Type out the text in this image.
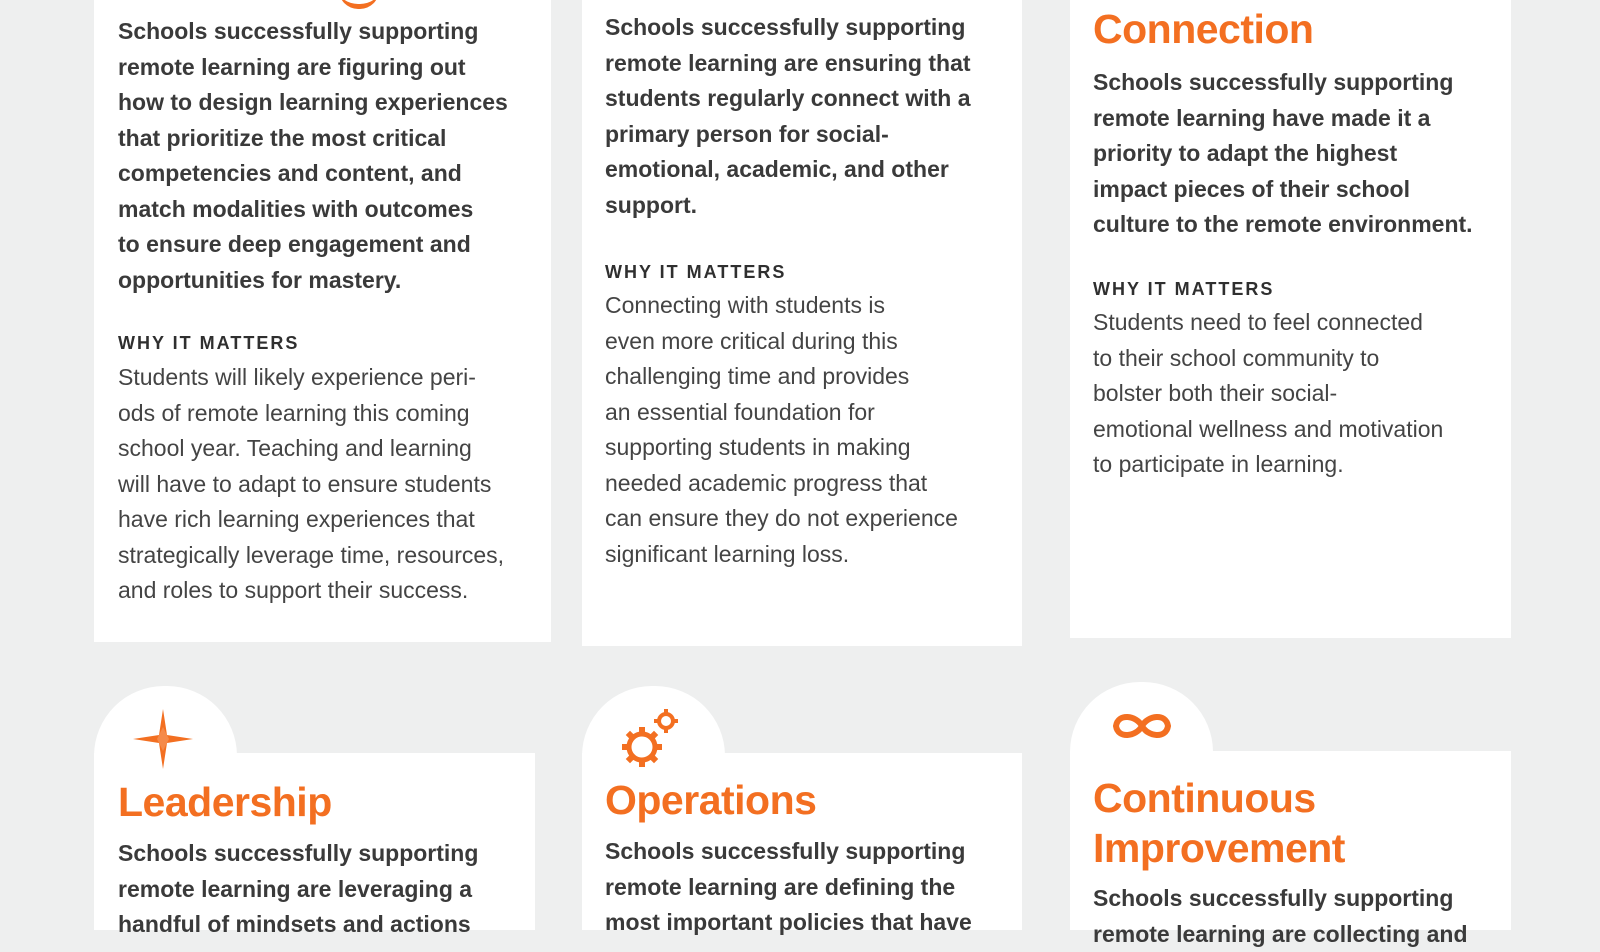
Schools successfully supporting
remote learning are figuring out
how to design learning experiences
that prioritize the most critical
competencies and content, and
match modalities with outcomes
to ensure deep engagement and
opportunities for mastery.
WHY IT MATTERS
Students will likely experience peri-
ods of remote learning this coming
school year. Teaching and learning
will have to adapt to ensure students
have rich learning experiences that
strategically leverage time, resources,
and roles to support their success.
Schools successfully supporting
remote learning are ensuring that
students regularly connect with a
primary person for social-
emotional, academic, and other
support.
WHY IT MATTERS
Connecting with students is
even more critical during this
challenging time and provides
an essential foundation for
supporting students in making
needed academic progress that
can ensure they do not experience
significant learning loss.
Connection
Schools successfully supporting
remote learning have made it a
priority to adapt the highest
impact pieces of their school
culture to the remote environment.
WHY IT MATTERS
Students need to feel connected
to their school community to
bolster both their social-
emotional wellness and motivation
to participate in learning.
Leadership
Schools successfully supporting
remote learning are leveraging a
handful of mindsets and actions
Operations
Schools successfully supporting
remote learning are defining the
most important policies that have
Continuous
Improvement
Schools successfully supporting
remote learning are collecting and
